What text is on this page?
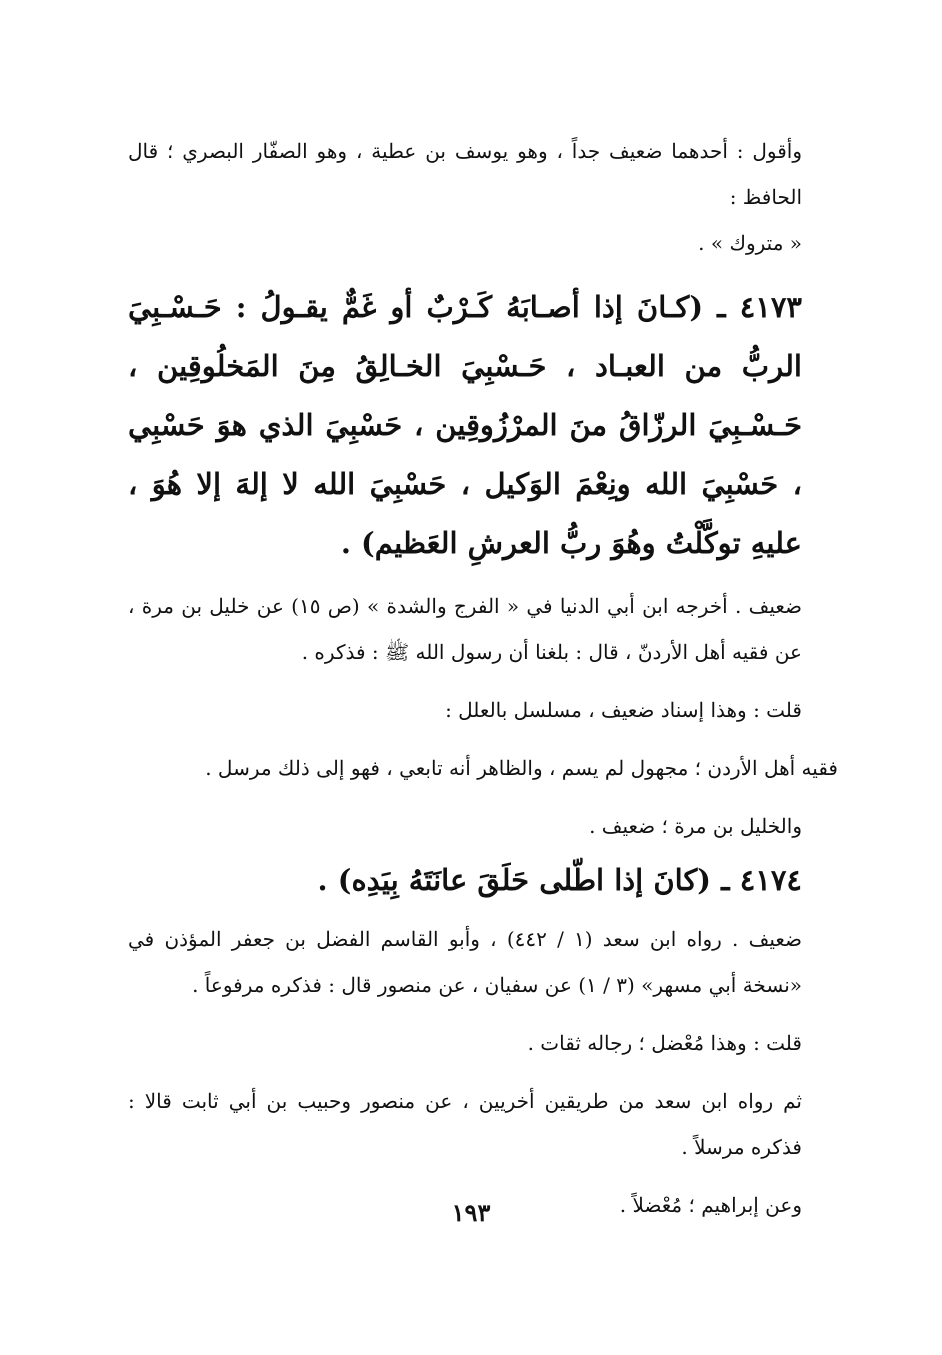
وأقول : أحدهما ضعيف جداً ، وهو يوسف بن عطية ، وهو الصفّار البصري ؛ قال الحافظ :

« متروك » .

٤١٧٣ ـ (كـانَ إذا أصـابَهُ كَـرْبٌ أو غَمٌّ يقـولُ : حَـسْـبِيَ الربُّ من العبـاد ، حَـسْبِيَ الخـالِقُ مِنَ المَخلُوقِين ، حَـسْـبِيَ الرزّاقُ منَ المرْزُوقِين ، حَسْبِيَ الذي هوَ حَسْبِي ، حَسْبِيَ الله ونِعْمَ الوَكيل ، حَسْبِيَ الله لا إلهَ إلا هُوَ ، عليهِ توكَّلْتُ وهُوَ ربُّ العرشِ العَظيم) .

ضعيف . أخرجه ابن أبي الدنيا في « الفرج والشدة » (ص ١٥) عن خليل بن مرة ، عن فقيه أهل الأردنّ ، قال : بلغنا أن رسول الله ﷺ : فذكره .

قلت : وهذا إسناد ضعيف ، مسلسل بالعلل :

فقيه أهل الأردن ؛ مجهول لم يسم ، والظاهر أنه تابعي ، فهو إلى ذلك مرسل .

والخليل بن مرة ؛ ضعيف .

٤١٧٤ ـ (كانَ إذا اطّلى حَلَقَ عانَتَهُ بِيَدِه) .

ضعيف . رواه ابن سعد (١ / ٤٤٢) ، وأبو القاسم الفضل بن جعفر المؤذن في «نسخة أبي مسهر» (٣ / ١) عن سفيان ، عن منصور قال : فذكره مرفوعاً .

قلت : وهذا مُعْضل ؛ رجاله ثقات .

ثم رواه ابن سعد من طريقين أخريين ، عن منصور وحبيب بن أبي ثابت قالا : فذكره مرسلاً .

وعن إبراهيم ؛ مُعْضلاً .

١٩٣
